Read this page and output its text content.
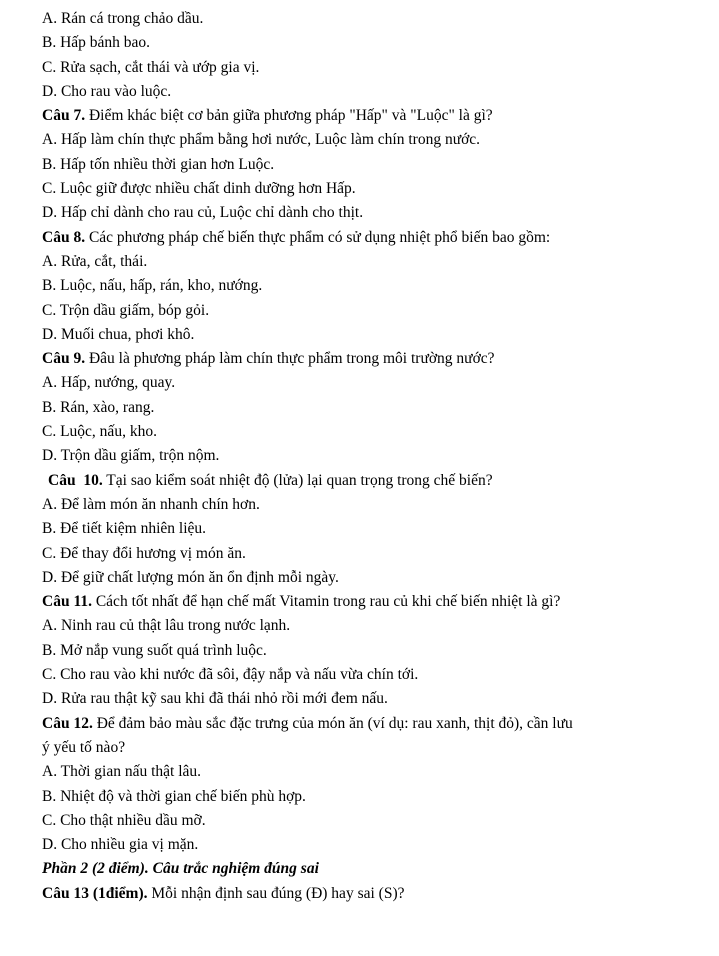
A. Rán cá trong chảo dầu.
B. Hấp bánh bao.
C. Rửa sạch, cắt thái và ướp gia vị.
D. Cho rau vào luộc.
Câu 7. Điểm khác biệt cơ bản giữa phương pháp "Hấp" và "Luộc" là gì?
A. Hấp làm chín thực phẩm bằng hơi nước, Luộc làm chín trong nước.
B. Hấp tốn nhiều thời gian hơn Luộc.
C. Luộc giữ được nhiều chất dinh dưỡng hơn Hấp.
D. Hấp chỉ dành cho rau củ, Luộc chỉ dành cho thịt.
Câu 8. Các phương pháp chế biến thực phẩm có sử dụng nhiệt phổ biến bao gồm:
A. Rửa, cắt, thái.
B. Luộc, nấu, hấp, rán, kho, nướng.
C. Trộn dầu giấm, bóp gỏi.
D. Muối chua, phơi khô.
Câu 9. Đâu là phương pháp làm chín thực phẩm trong môi trường nước?
A. Hấp, nướng, quay.
B. Rán, xào, rang.
C. Luộc, nấu, kho.
D. Trộn dầu giấm, trộn nộm.
Câu  10. Tại sao kiểm soát nhiệt độ (lửa) lại quan trọng trong chế biến?
A. Để làm món ăn nhanh chín hơn.
B. Để tiết kiệm nhiên liệu.
C. Để thay đổi hương vị món ăn.
D. Để giữ chất lượng món ăn ổn định mỗi ngày.
Câu 11. Cách tốt nhất để hạn chế mất Vitamin trong rau củ khi chế biến nhiệt là gì?
A. Ninh rau củ thật lâu trong nước lạnh.
B. Mở nắp vung suốt quá trình luộc.
C. Cho rau vào khi nước đã sôi, đậy nắp và nấu vừa chín tới.
D. Rửa rau thật kỹ sau khi đã thái nhỏ rồi mới đem nấu.
Câu 12. Để đảm bảo màu sắc đặc trưng của món ăn (ví dụ: rau xanh, thịt đỏ), cần lưu
ý yếu tố nào?
A. Thời gian nấu thật lâu.
B. Nhiệt độ và thời gian chế biến phù hợp.
C. Cho thật nhiều dầu mỡ.
D. Cho nhiều gia vị mặn.
Phần 2 (2 điểm). Câu trắc nghiệm đúng sai
Câu 13 (1điểm). Mỗi nhận định sau đúng (Đ) hay sai (S)?
